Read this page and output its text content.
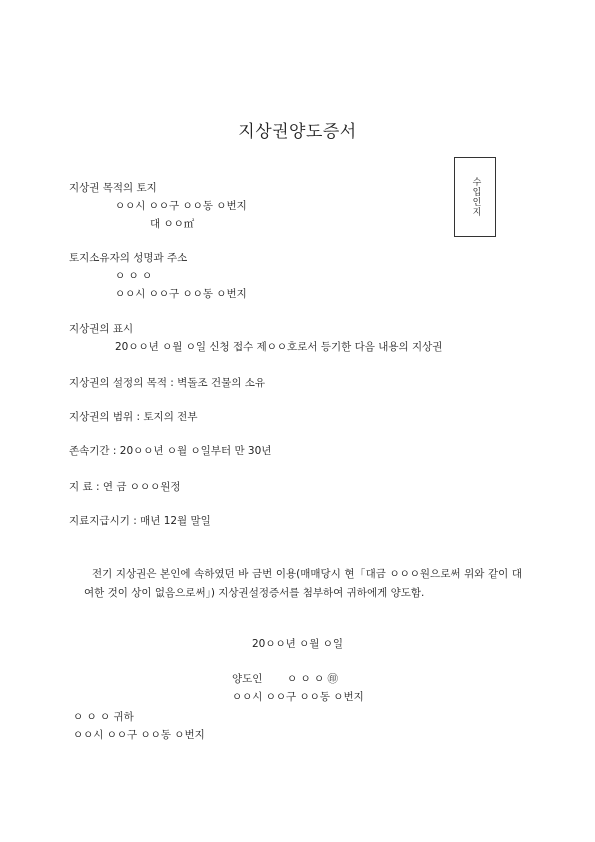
지상권양도증서
수입인지
지상권 목적의 토지
ㅇㅇ시 ㅇㅇ구 ㅇㅇ동 ㅇ번지
대 ㅇㅇ㎡
토지소유자의 성명과 주소
ㅇ ㅇ ㅇ
ㅇㅇ시 ㅇㅇ구 ㅇㅇ동 ㅇ번지
지상권의 표시
20ㅇㅇ년 ㅇ월 ㅇ일 신청 접수 제ㅇㅇ호로서 등기한 다음 내용의 지상권
지상권의 설정의 목적 : 벽돌조 건물의 소유
지상권의 범위 : 토지의 전부
존속기간 : 20ㅇㅇ년 ㅇ월 ㅇ일부터 만 30년
지 료 : 연 금 ㅇㅇㅇ원정
지료지급시기 : 매년 12월 말일
전기 지상권은 본인에 속하였던 바 금번 이용(매매당시 현「대금 ㅇㅇㅇ원으로써 위와 같이 대여한 것이 상이 없음으로써」) 지상권설정증서를 첨부하여 귀하에게 양도함.
20ㅇㅇ년 ㅇ월 ㅇ일
양도인 ㅇ ㅇ ㅇ ㊞
ㅇㅇ시 ㅇㅇ구 ㅇㅇ동 ㅇ번지
ㅇ ㅇ ㅇ 귀하
ㅇㅇ시 ㅇㅇ구 ㅇㅇ동 ㅇ번지
